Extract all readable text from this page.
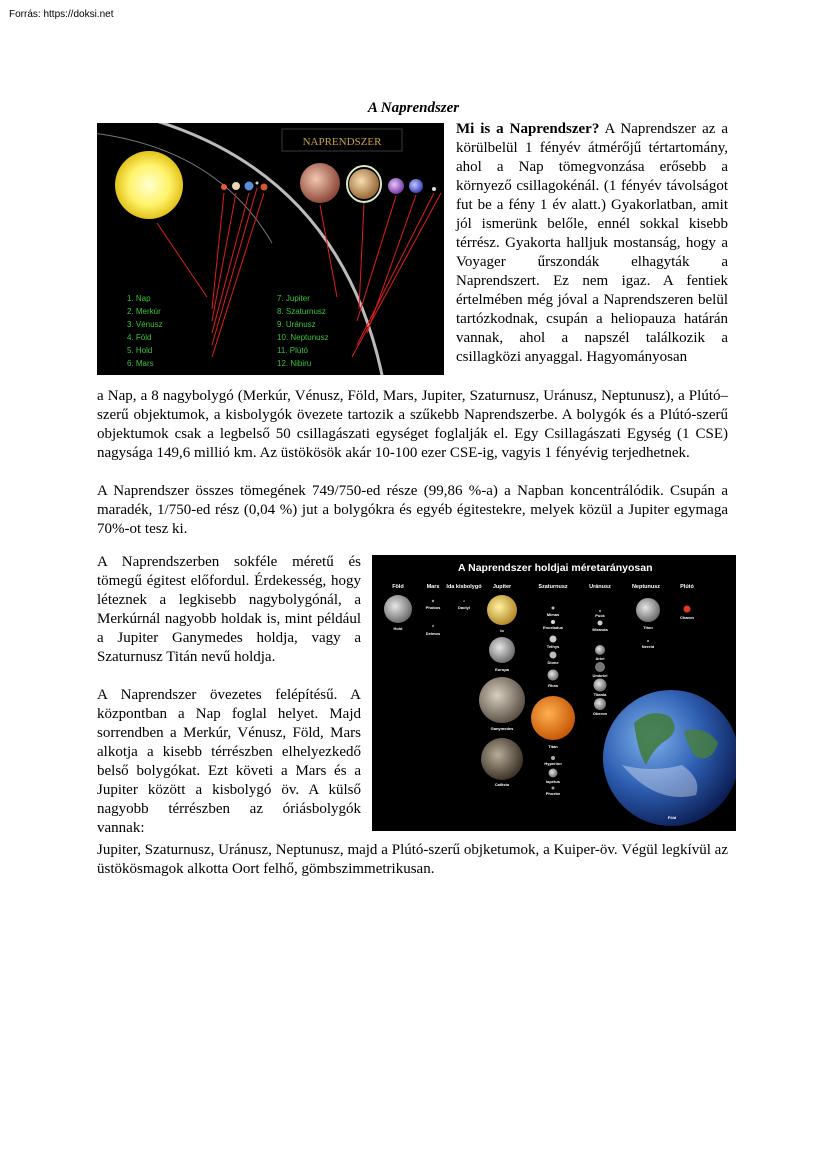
Forrás: https://doksi.net
A Naprendszer
NAPRENDSZER
1. Nap
2. Merkúr
3. Vénusz
4. Föld
5. Hold
6. Mars
7. Jupiter
8. Szaturnusz
9. Uránusz
10. Neptunusz
11. Plútó
12. Nibiru

Mi is a Naprendszer? A Naprendszer az a körülbelül 1 fényév átmérőjű tértartomány, ahol a Nap tömegvonzása erősebb a környező csillagokénál. (1 fényév távolságot fut be a fény 1 év alatt.) Gyakorlatban, amit jól ismerünk belőle, ennél sokkal kisebb térrész. Gyakorta halljuk mostanság, hogy a Voyager űrszondák elhagyták a Naprendszert. Ez nem igaz. A fentiek értelmében még jóval a Naprendszeren belül tartózkodnak, csupán a heliopauza határán vannak, ahol a napszél találkozik a csillagközi anyaggal. Hagyományosan

a Nap, a 8 nagybolygó (Merkúr, Vénusz, Föld, Mars, Jupiter, Szaturnusz, Uránusz, Neptunusz), a Plútó–szerű objektumok, a kisbolygók övezete tartozik a szűkebb Naprendszerbe. A bolygók és a Plútó-szerű objektumok csak a legbelső 50 csillagászati egységet foglalják el. Egy Csillagászati Egység (1 CSE) nagysága 149,6 millió km. Az üstökösök akár 10-100 ezer CSE-ig, vagyis 1 fényévig terjedhetnek.

A Naprendszer összes tömegének 749/750-ed része (99,86 %-a) a Napban koncentrálódik. Csupán a maradék, 1/750-ed rész (0,04 %) jut a bolygókra és egyéb égitestekre, melyek közül a Jupiter egymaga 70%-ot tesz ki.

A Naprendszerben sokféle méretű és tömegű égitest előfordul. Érdekesség, hogy léteznek a legkisebb nagybolygónál, a Merkúrnál nagyobb holdak is, mint például a Jupiter Ganymedes holdja, vagy a Szaturnusz Titán nevű holdja.

A Naprendszer övezetes felépítésű. A központban a Nap foglal helyet. Majd sorrendben a Merkúr, Vénusz, Föld, Mars alkotja a kisebb térrészben elhelyezkedő belső bolygókat. Ezt követi a Mars és a Jupiter között a kisbolygó öv. A külső nagyobb térrészben az óriásbolygók vannak:

Jupiter, Szaturnusz, Uránusz, Neptunusz, majd a Plútó-szerű objketumok, a Kuiper-öv. Végül legkívül az üstökösmagok alkotta Oort felhő, gömbszimmetrikusan.

A Naprendszer holdjai méretarányosan
Föld	Mars Ida kisbolygó Jupiter	Szaturnusz	Uránusz	Neptunusz	Plútó
Hold
Phobos
Deimos
Dactyl
Io
Europa
Ganymedes
Callisto
Mimas
Enceladus
Tethys
Dione
Rhea
Titan
Hyperion
Iapetus
Phoebe
Puck
Miranda
Ariel
Umbriel
Titania
Oberon
Titon
Nereid
Charon
Föld
